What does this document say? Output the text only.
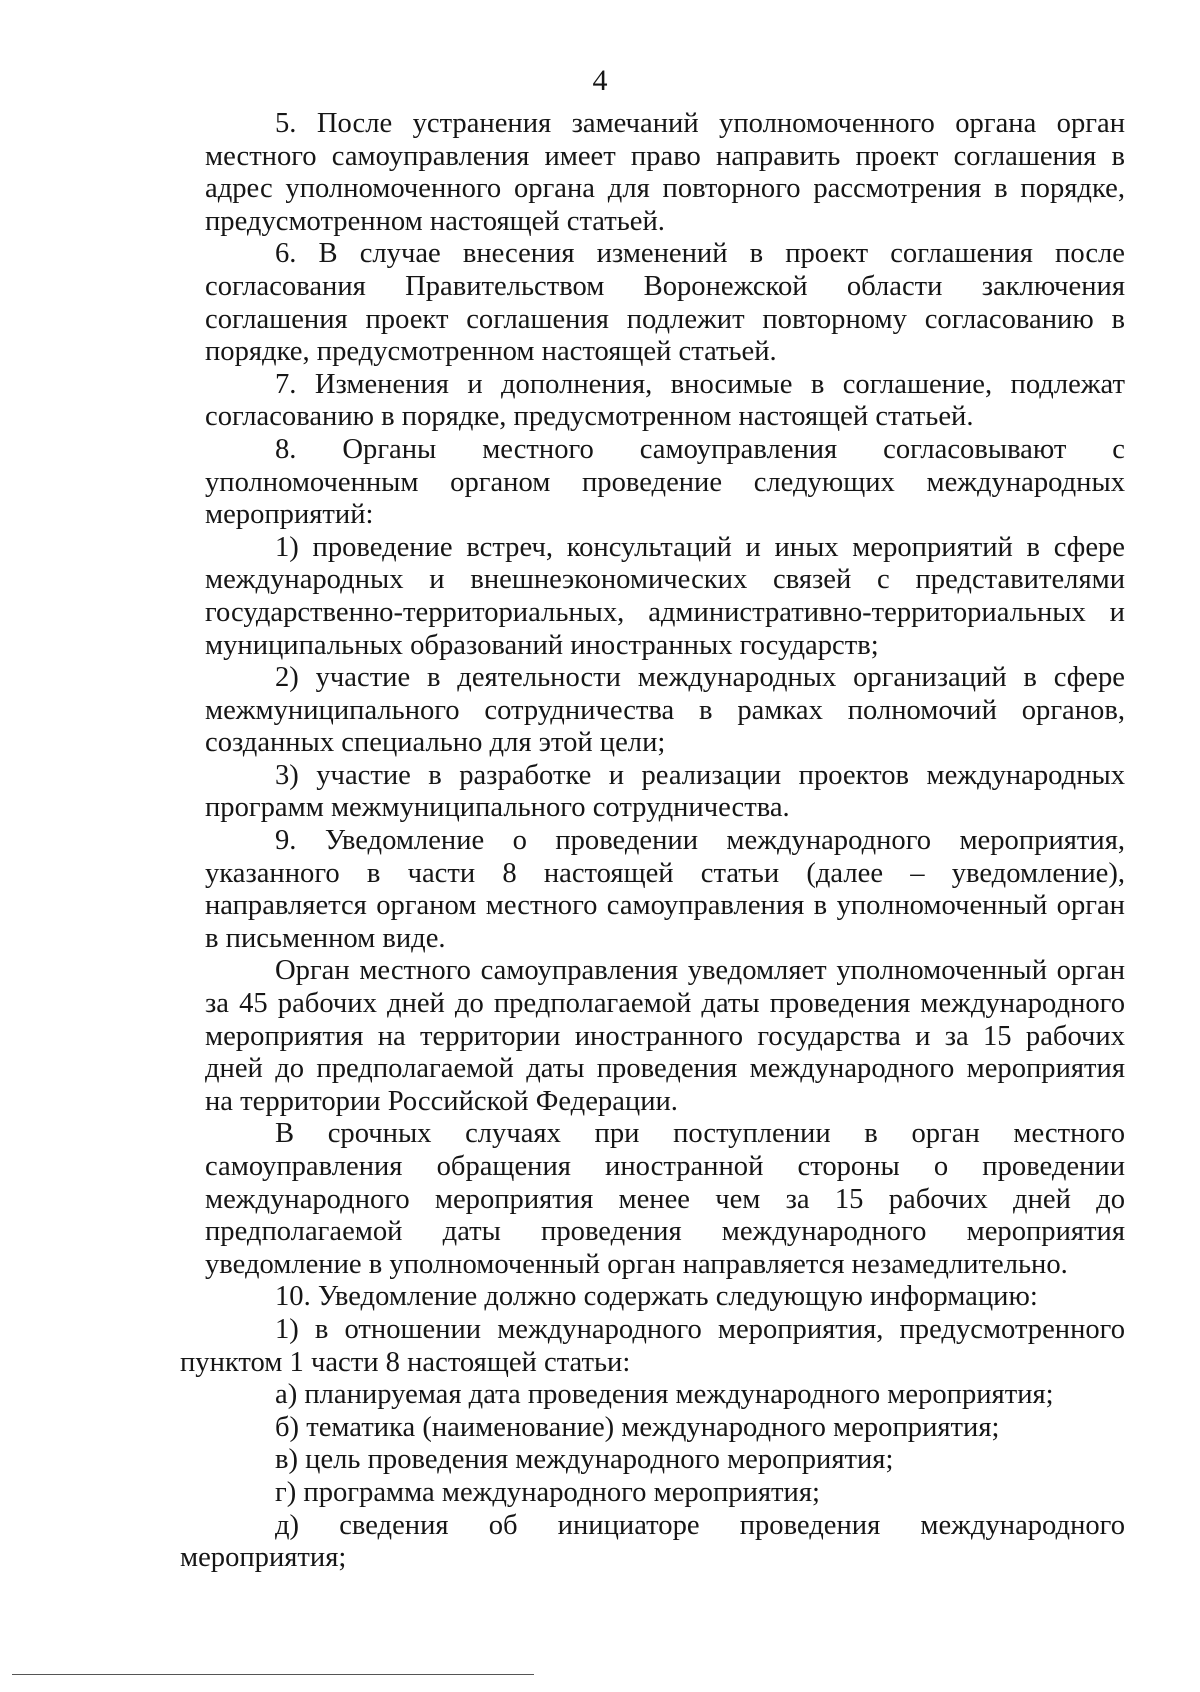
4

5. После устранения замечаний уполномоченного органа орган местного самоуправления имеет право направить проект соглашения в адрес уполномоченного органа для повторного рассмотрения в порядке, предусмотренном настоящей статьей.

6. В случае внесения изменений в проект соглашения после согласования Правительством Воронежской области заключения соглашения проект соглашения подлежит повторному согласованию в порядке, предусмотренном настоящей статьей.

7. Изменения и дополнения, вносимые в соглашение, подлежат согласованию в порядке, предусмотренном настоящей статьей.

8. Органы местного самоуправления согласовывают с уполномоченным органом проведение следующих международных мероприятий:

1) проведение встреч, консультаций и иных мероприятий в сфере международных и внешнеэкономических связей с представителями государственно-территориальных, административно-территориальных и муниципальных образований иностранных государств;

2) участие в деятельности международных организаций в сфере межмуниципального сотрудничества в рамках полномочий органов, созданных специально для этой цели;

3) участие в разработке и реализации проектов международных программ межмуниципального сотрудничества.

9. Уведомление о проведении международного мероприятия, указанного в части 8 настоящей статьи (далее – уведомление), направляется органом местного самоуправления в уполномоченный орган в письменном виде.

Орган местного самоуправления уведомляет уполномоченный орган за 45 рабочих дней до предполагаемой даты проведения международного мероприятия на территории иностранного государства и за 15 рабочих дней до предполагаемой даты проведения международного мероприятия на территории Российской Федерации.

В срочных случаях при поступлении в орган местного самоуправления обращения иностранной стороны о проведении международного мероприятия менее чем за 15 рабочих дней до предполагаемой даты проведения международного мероприятия уведомление в уполномоченный орган направляется незамедлительно.

10. Уведомление должно содержать следующую информацию:

1) в отношении международного мероприятия, предусмотренного пунктом 1 части 8 настоящей статьи:

а) планируемая дата проведения международного мероприятия;

б) тематика (наименование) международного мероприятия;

в) цель проведения международного мероприятия;

г) программа международного мероприятия;

д) сведения об инициаторе проведения международного мероприятия;
